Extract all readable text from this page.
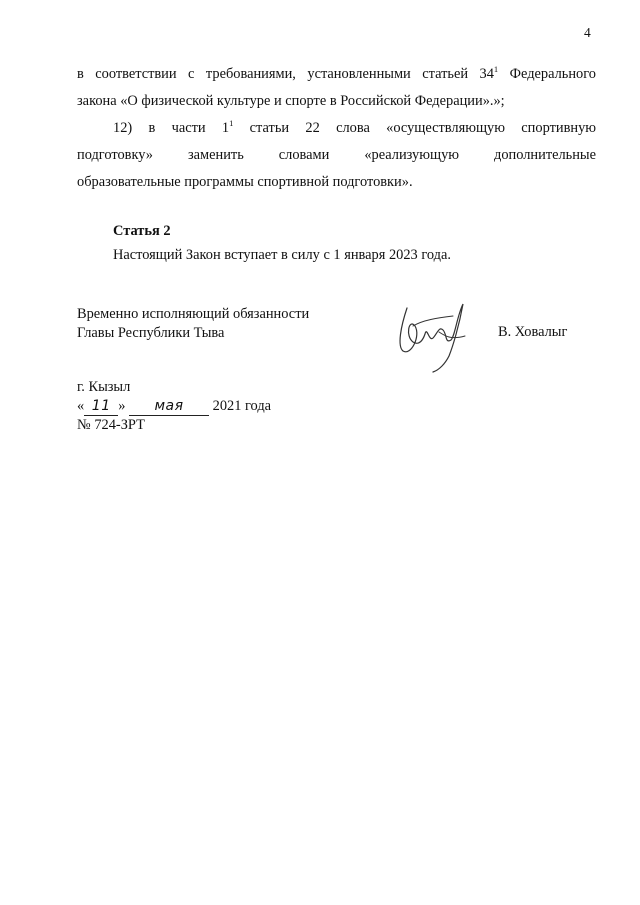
4
в соответствии с требованиями, установленными статьей $34^1$ Федерального
закона «О физической культуре и спорте в Российской Федерации».»;
12) в части $1^1$ статьи 22 слова «осуществляющую спортивную
подготовку» заменить словами «реализующую дополнительные
образовательные программы спортивной подготовки».
Статья 2
Настоящий Закон вступает в силу с 1 января 2023 года.
Временно исполняющий обязанности
Главы Республики Тыва	В. Ховалыг
г. Кызыл
« 11 » мая 2021 года
№ 724-ЗРТ
